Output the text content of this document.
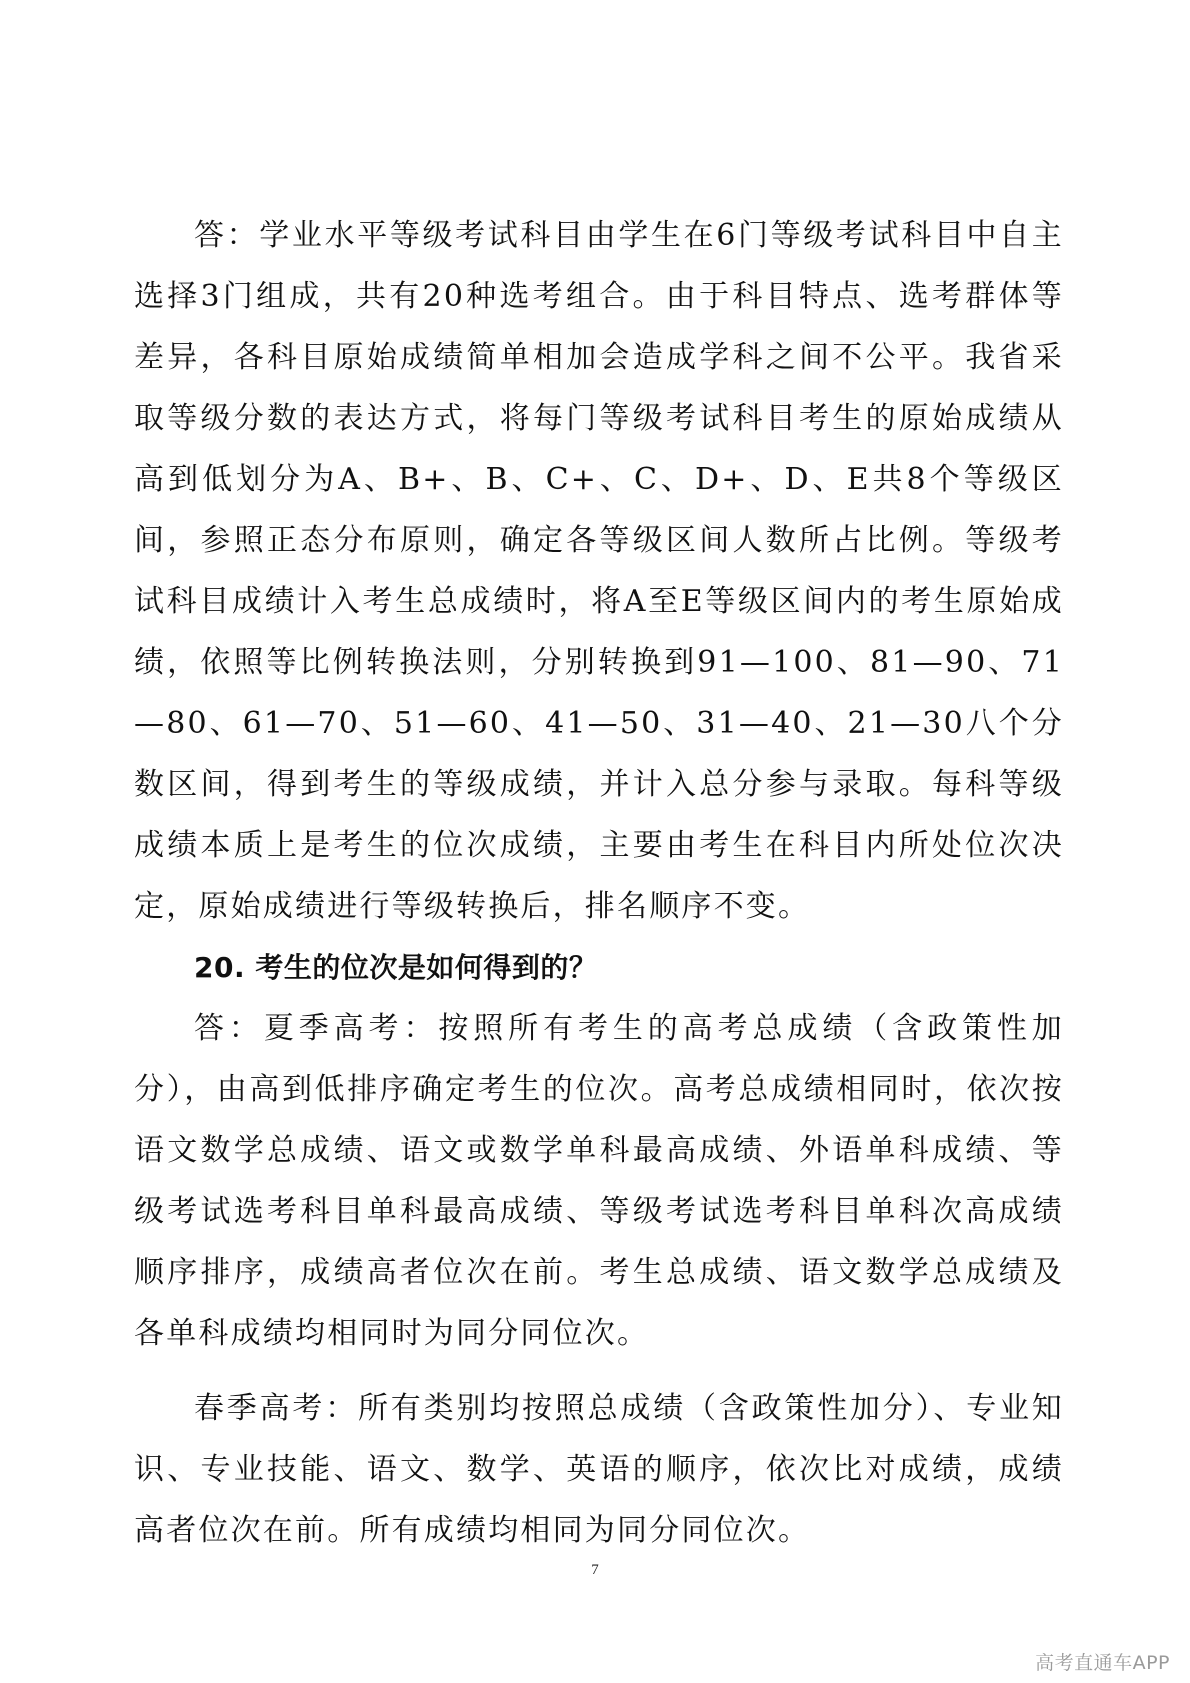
答：学业水平等级考试科目由学生在6门等级考试科目中自主选择3门组成，共有20种选考组合。由于科目特点、选考群体等差异，各科目原始成绩简单相加会造成学科之间不公平。我省采取等级分数的表达方式，将每门等级考试科目考生的原始成绩从高到低划分为A、B+、B、C+、C、D+、D、E共8个等级区间，参照正态分布原则，确定各等级区间人数所占比例。等级考试科目成绩计入考生总成绩时，将A至E等级区间内的考生原始成绩，依照等比例转换法则，分别转换到91—100、81—90、71—80、61—70、51—60、41—50、31—40、21—30八个分数区间，得到考生的等级成绩，并计入总分参与录取。每科等级成绩本质上是考生的位次成绩，主要由考生在科目内所处位次决定，原始成绩进行等级转换后，排名顺序不变。

20. 考生的位次是如何得到的？

答：夏季高考：按照所有考生的高考总成绩（含政策性加分），由高到低排序确定考生的位次。高考总成绩相同时，依次按语文数学总成绩、语文或数学单科最高成绩、外语单科成绩、等级考试选考科目单科最高成绩、等级考试选考科目单科次高成绩顺序排序，成绩高者位次在前。考生总成绩、语文数学总成绩及各单科成绩均相同时为同分同位次。

春季高考：所有类别均按照总成绩（含政策性加分）、专业知识、专业技能、语文、数学、英语的顺序，依次比对成绩，成绩高者位次在前。所有成绩均相同为同分同位次。

7
高考直通车APP
